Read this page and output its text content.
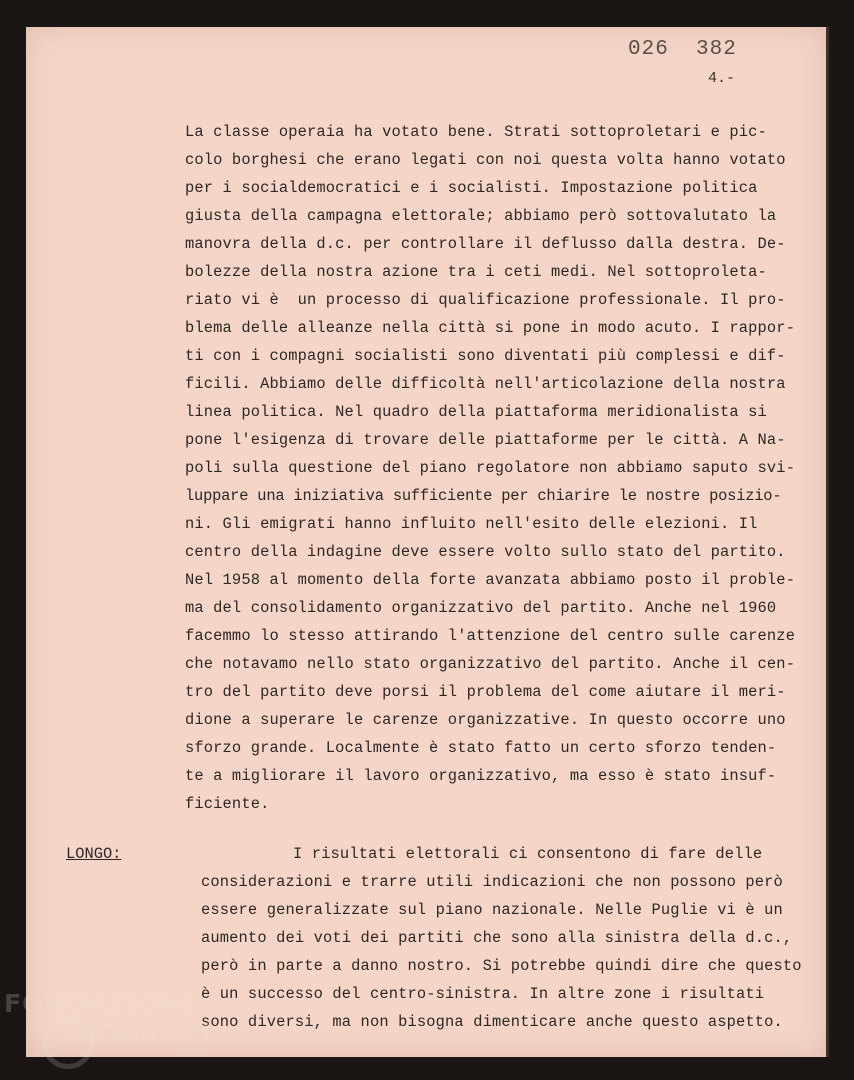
026  382
4.-
La classe operaia ha votato bene. Strati sottoproletari e pic-
colo borghesi che erano legati con noi questa volta hanno votato
per i socialdemocratici e i socialisti. Impostazione politica
giusta della campagna elettorale; abbiamo però sottovalutato la
manovra della d.c. per controllare il deflusso dalla destra. De-
bolezze della nostra azione tra i ceti medi. Nel sottoproleta-
riato vi è  un processo di qualificazione professionale. Il pro-
blema delle alleanze nella città si pone in modo acuto. I rappor-
ti con i compagni socialisti sono diventati più complessi e dif-
ficili. Abbiamo delle difficoltà nell'articolazione della nostra
linea politica. Nel quadro della piattaforma meridionalista si
pone l'esigenza di trovare delle piattaforme per le città. A Na-
poli sulla questione del piano regolatore non abbiamo saputo svi-
luppare una iniziativa sufficiente per chiarire le nostre posizio-
ni. Gli emigrati hanno influito nell'esito delle elezioni. Il
centro della indagine deve essere volto sullo stato del partito.
Nel 1958 al momento della forte avanzata abbiamo posto il proble-
ma del consolidamento organizzativo del partito. Anche nel 1960
facemmo lo stesso attirando l'attenzione del centro sulle carenze
che notavamo nello stato organizzativo del partito. Anche il cen-
tro del partito deve porsi il problema del come aiutare il meri-
dione a superare le carenze organizzative. In questo occorre uno
sforzo grande. Localmente è stato fatto un certo sforzo tenden-
te a migliorare il lavoro organizzativo, ma esso è stato insuf-
ficiente.
LONGO:	I risultati elettorali ci consentono di fare delle
considerazioni e trarre utili indicazioni che non possono però
essere generalizzate sul piano nazionale. Nelle Puglie vi è un
aumento dei voti dei partiti che sono alla sinistra della d.c.,
però in parte a danno nostro. Si potrebbe quindi dire che questo
è un successo del centro-sinistra. In altre zone i risultati
sono diversi, ma non bisogna dimenticare anche questo aspetto.
FONDAZIONE
GRAMSCI
onlus
